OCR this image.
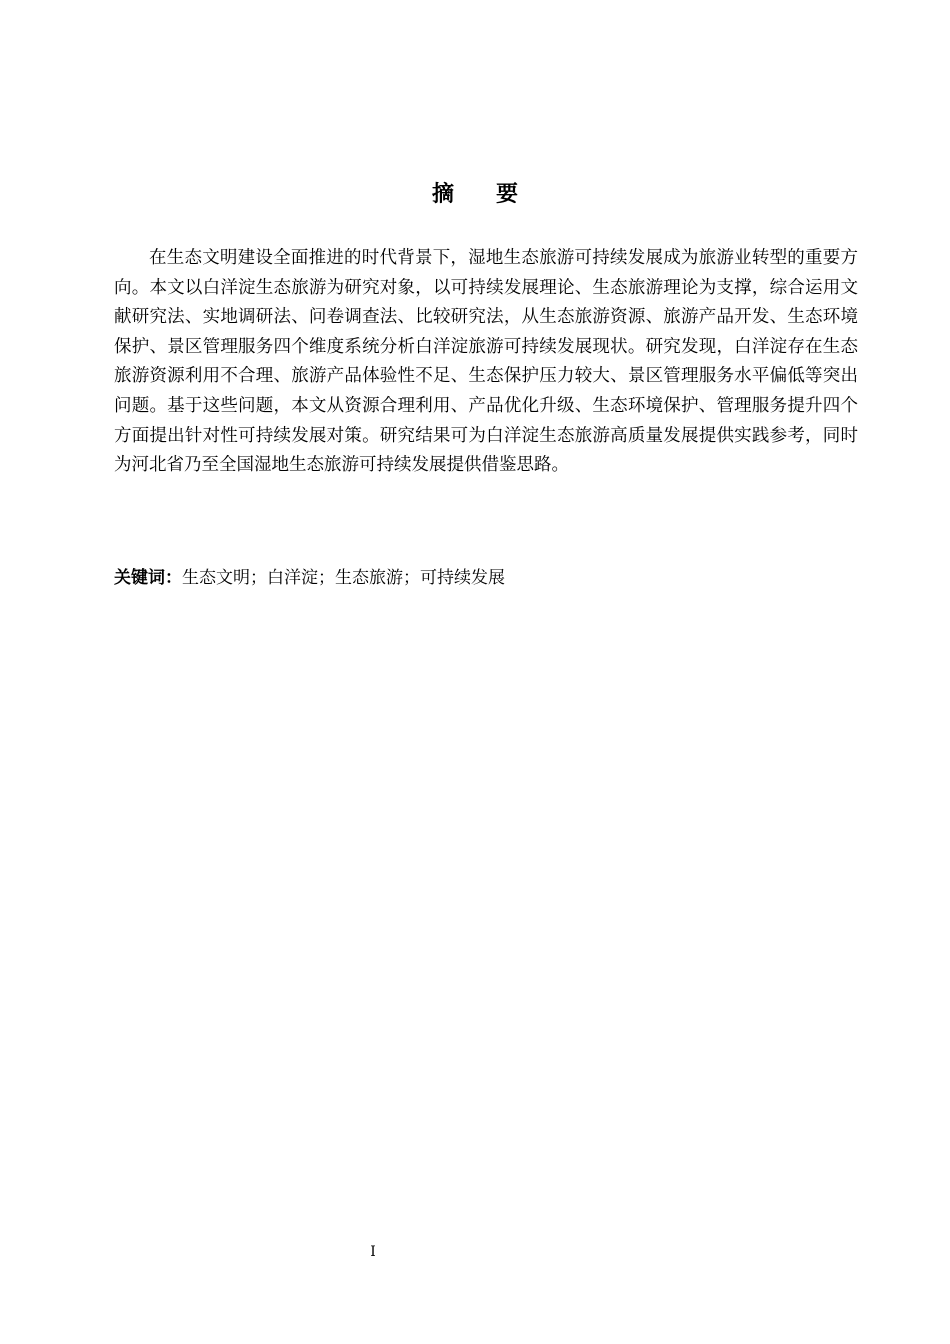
摘 要

在生态文明建设全面推进的时代背景下，湿地生态旅游可持续发展成为旅游业转型的重要方向。本文以白洋淀生态旅游为研究对象，以可持续发展理论、生态旅游理论为支撑，综合运用文献研究法、实地调研法、问卷调查法、比较研究法，从生态旅游资源、旅游产品开发、生态环境保护、景区管理服务四个维度系统分析白洋淀旅游可持续发展现状。研究发现，白洋淀存在生态旅游资源利用不合理、旅游产品体验性不足、生态保护压力较大、景区管理服务水平偏低等突出问题。基于这些问题，本文从资源合理利用、产品优化升级、生态环境保护、管理服务提升四个方面提出针对性可持续发展对策。研究结果可为白洋淀生态旅游高质量发展提供实践参考，同时为河北省乃至全国湿地生态旅游可持续发展提供借鉴思路。

关键词：生态文明；白洋淀；生态旅游；可持续发展
I
